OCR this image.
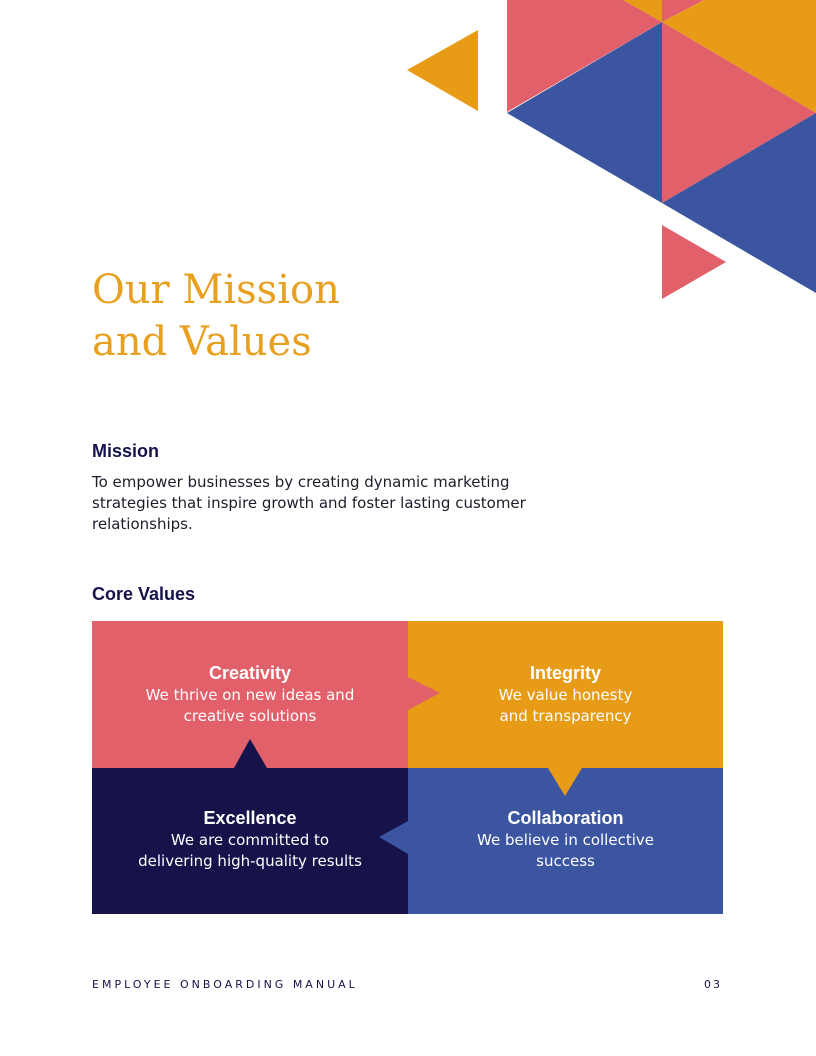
Our Mission
and Values
Mission

To empower businesses by creating dynamic marketing strategies that inspire growth and foster lasting customer relationships.

Core Values
Creativity
We thrive on new ideas and
creative solutions
Integrity
We value honesty
and transparency
Excellence
We are committed to
delivering high-quality results
Collaboration
We believe in collective
success

EMPLOYEE ONBOARDING MANUAL	03
